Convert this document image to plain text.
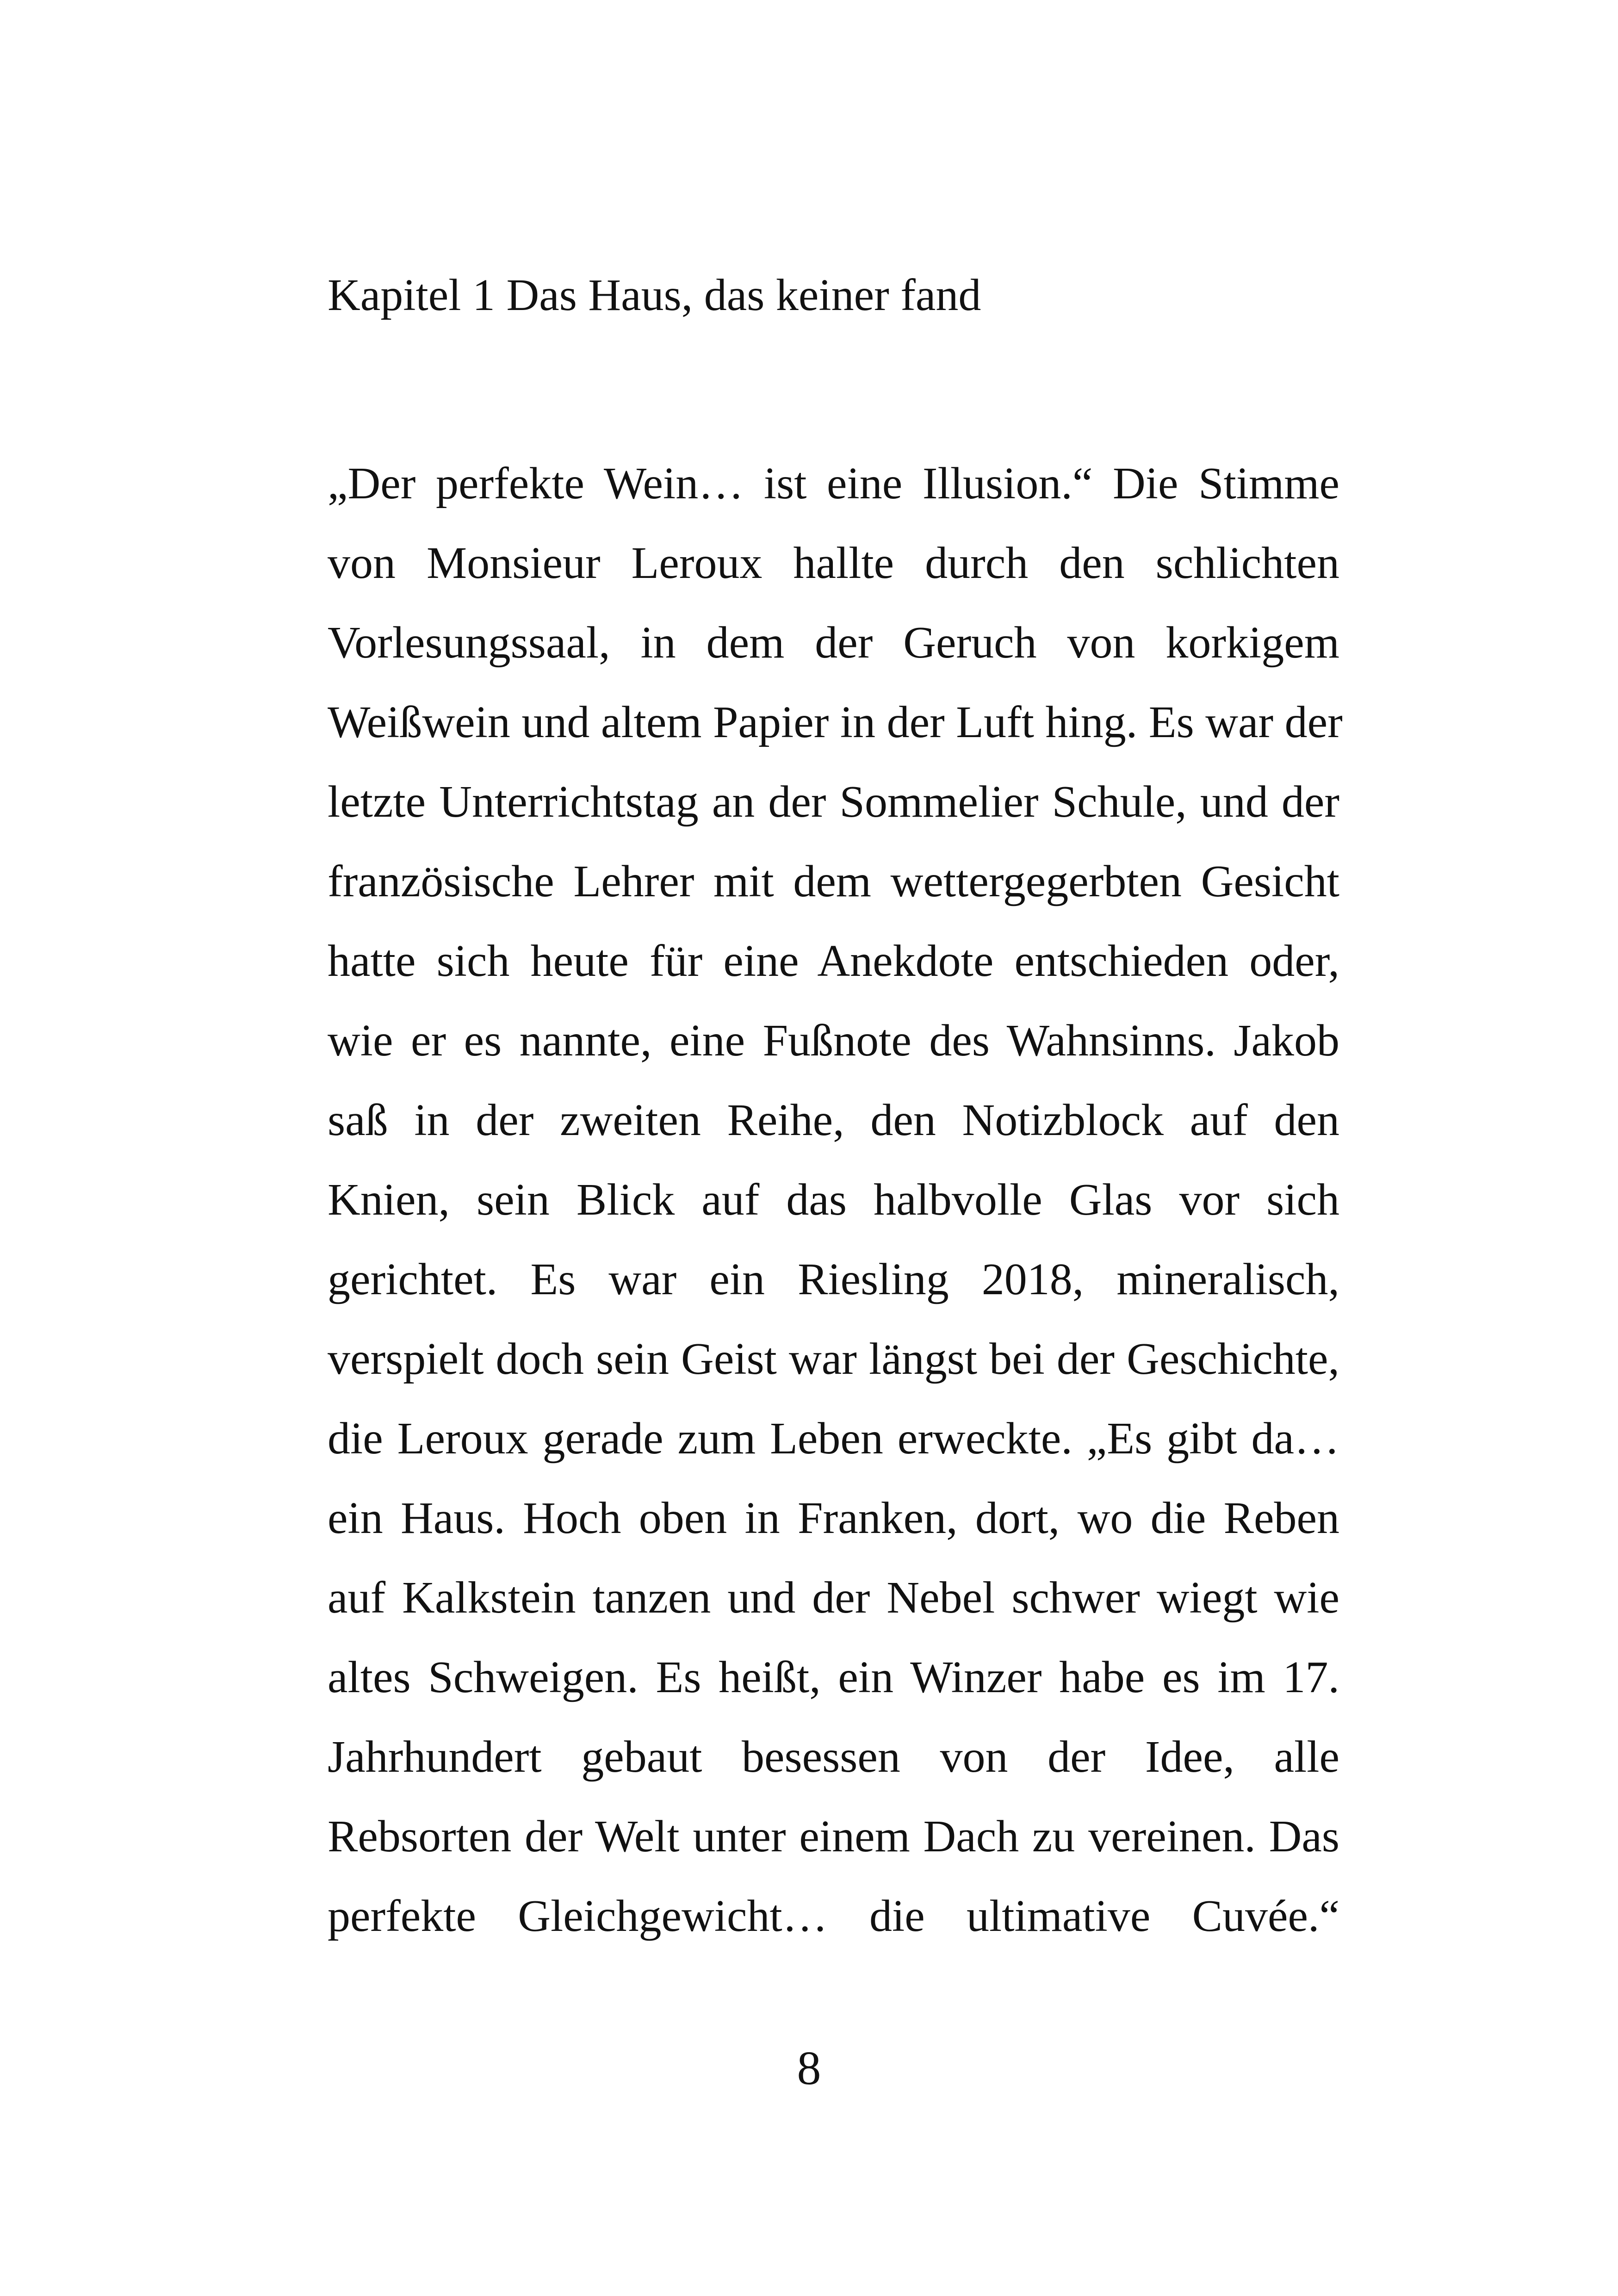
Kapitel 1 Das Haus, das keiner fand
„Der perfekte Wein… ist eine Illusion.“ Die Stimme
von Monsieur Leroux hallte durch den schlichten
Vorlesungssaal, in dem der Geruch von korkigem
Weißwein und altem Papier in der Luft hing. Es war der
letzte Unterrichtstag an der Sommelier Schule, und der
französische Lehrer mit dem wettergegerbten Gesicht
hatte sich heute für eine Anekdote entschieden oder,
wie er es nannte, eine Fußnote des Wahnsinns. Jakob
saß in der zweiten Reihe, den Notizblock auf den
Knien, sein Blick auf das halbvolle Glas vor sich
gerichtet. Es war ein Riesling 2018, mineralisch,
verspielt doch sein Geist war längst bei der Geschichte,
die Leroux gerade zum Leben erweckte. „Es gibt da…
ein Haus. Hoch oben in Franken, dort, wo die Reben
auf Kalkstein tanzen und der Nebel schwer wiegt wie
altes Schweigen. Es heißt, ein Winzer habe es im 17.
Jahrhundert gebaut besessen von der Idee, alle
Rebsorten der Welt unter einem Dach zu vereinen. Das
perfekte Gleichgewicht… die ultimative Cuvée.“
8
